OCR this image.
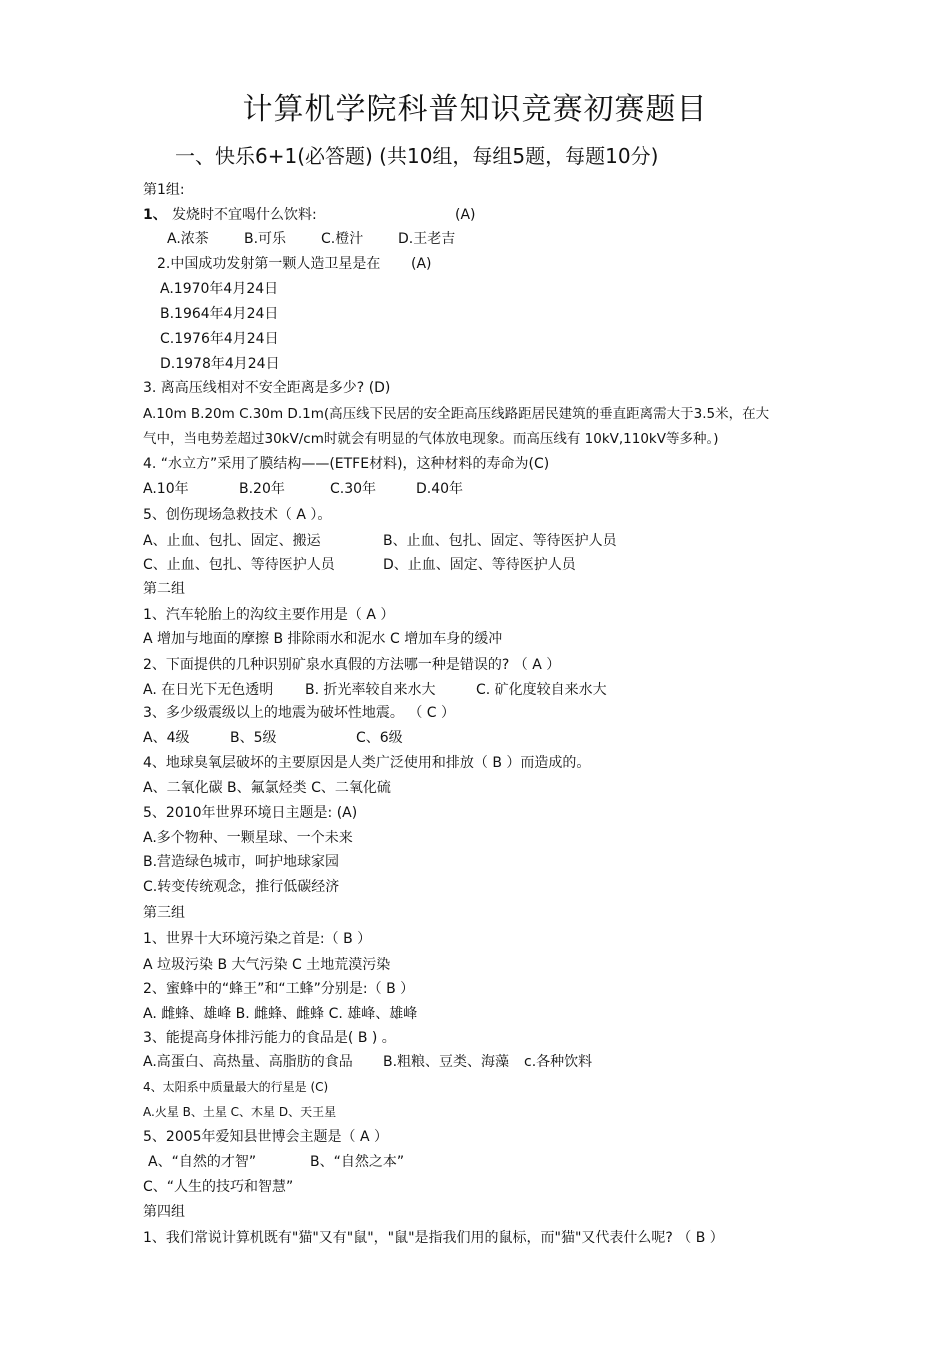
计算机学院科普知识竞赛初赛题目
一、快乐6+1(必答题) (共10组，每组5题，每题10分)
第1组:
1、 发烧时不宜喝什么饮料:	(A)
A.浓茶	B.可乐 C.橙汁 D.王老吉
2.中国成功发射第一颗人造卫星是在 (A)
A.1970年4月24日
B.1964年4月24日
C.1976年4月24日
D.1978年4月24日
3. 离高压线相对不安全距离是多少? (D)
A.10m B.20m C.30m D.1m(高压线下民居的安全距高压线路距居民建筑的垂直距离需大于3.5米，在大
气中，当电势差超过30kV/cm时就会有明显的气体放电现象。而高压线有 10kV,110kV等多种。)
4. “水立方”采用了膜结构——(ETFE材料)，这种材料的寿命为(C)
A.10年	B.20年	C.30年	D.40年
5、创伤现场急救技术（ A ）。
A、止血、包扎、固定、搬运	B、止血、包扎、固定、等待医护人员
C、止血、包扎、等待医护人员	D、止血、固定、等待医护人员
第二组
1、汽车轮胎上的沟纹主要作用是（ A ）
A 增加与地面的摩擦 B 排除雨水和泥水 C 增加车身的缓冲
2、下面提供的几种识别矿泉水真假的方法哪一种是错误的? （ A ）
A. 在日光下无色透明 B. 折光率较自来水大	C. 矿化度较自来水大
3、多少级震级以上的地震为破坏性地震。 （ C ）
A、4级	B、5级	C、6级
4、地球臭氧层破坏的主要原因是人类广泛使用和排放（ B ）而造成的。
A、二氧化碳 B、氟氯烃类 C、二氧化硫
5、2010年世界环境日主题是: (A)
A.多个物种、一颗星球、一个未来
B.营造绿色城市，呵护地球家园
C.转变传统观念，推行低碳经济
第三组
1、世界十大环境污染之首是:（ B ）
A 垃圾污染 B 大气污染 C 土地荒漠污染
2、蜜蜂中的“蜂王”和“工蜂”分别是:（ B ）
A. 雌蜂、雄峰 B. 雌蜂、雌蜂 C. 雄峰、雄峰
3、能提高身体排污能力的食品是( B ) 。
A.高蛋白、高热量、高脂肪的食品 B.粗粮、豆类、海藻 c.各种饮料
4、太阳系中质量最大的行星是 (C)
A.火星 B、土星 C、木星 D、天王星
5、2005年爱知县世博会主题是（ A ）
A、“自然的才智”	B、“自然之本”
C、“人生的技巧和智慧”
第四组
1、我们常说计算机既有"猫"又有"鼠"，"鼠"是指我们用的鼠标，而"猫"又代表什么呢? （ B ）
